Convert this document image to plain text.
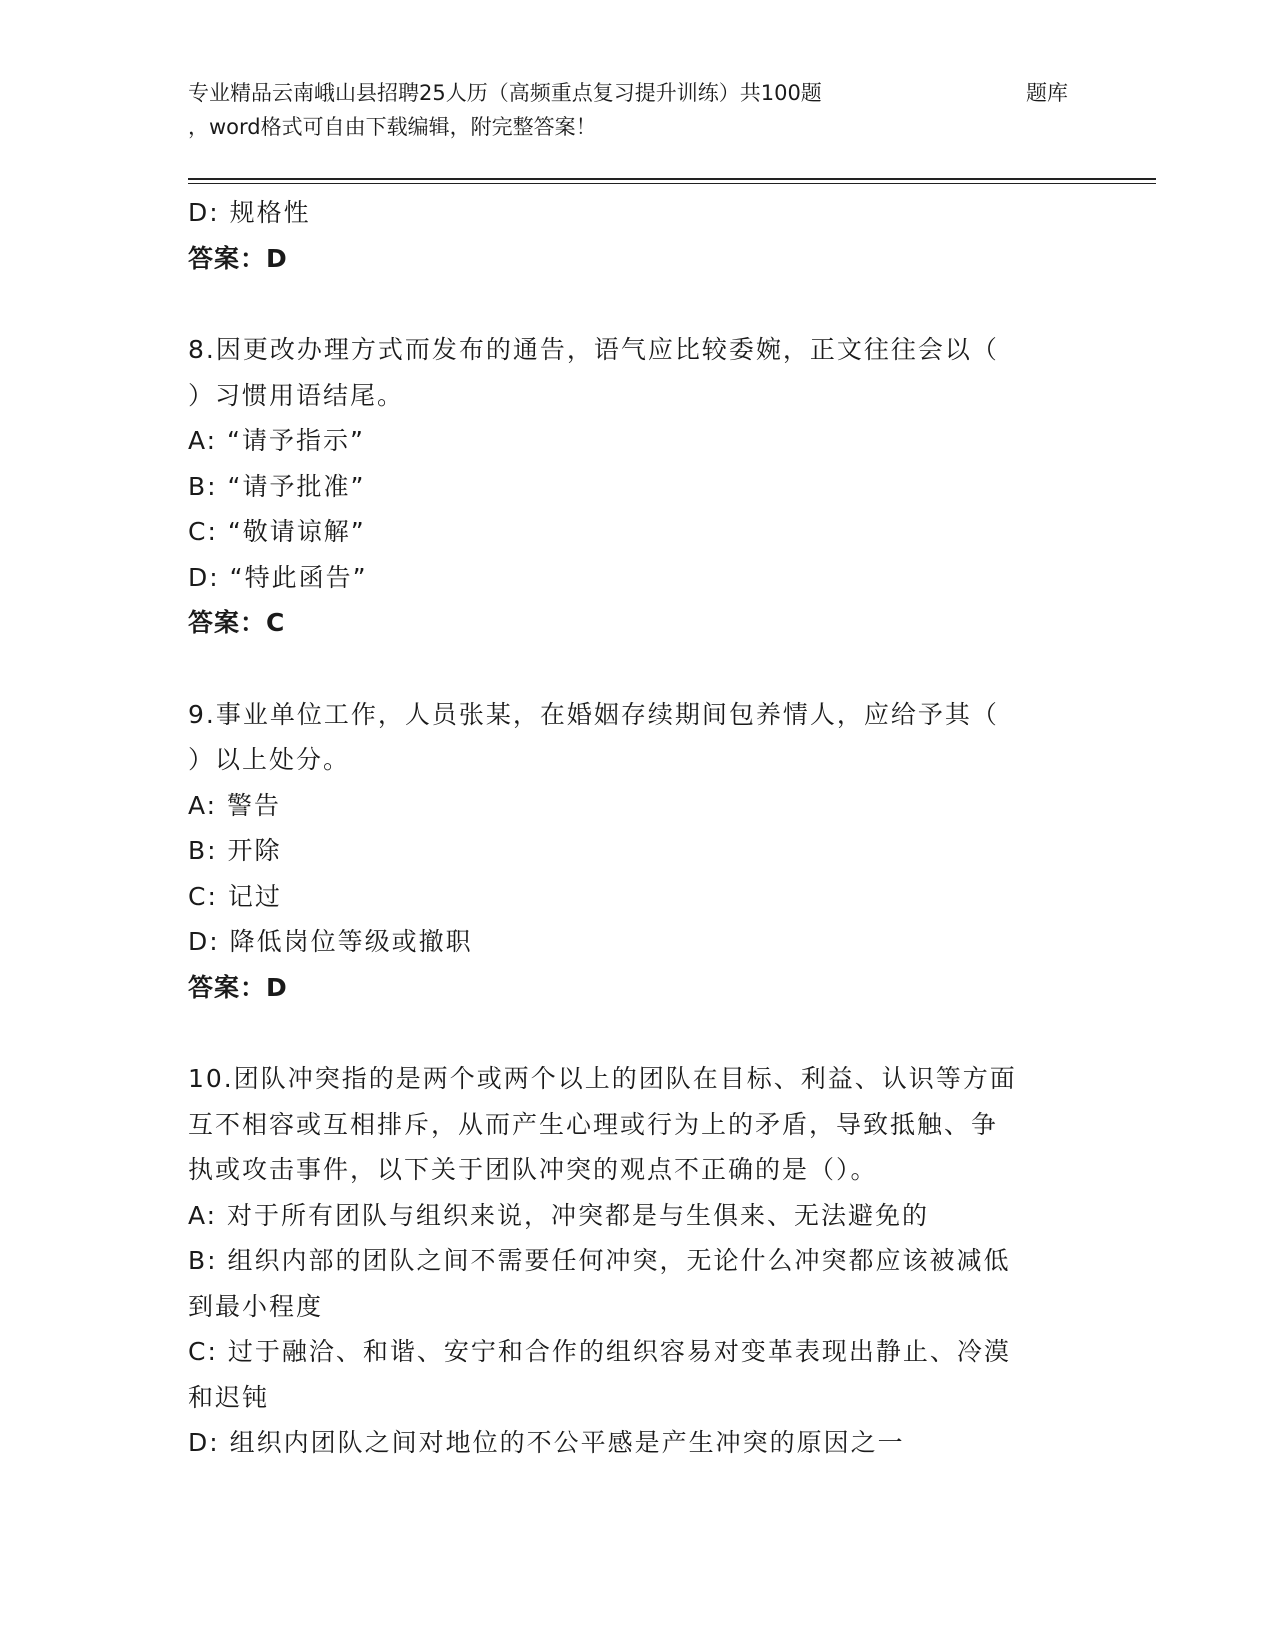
专业精品云南峨山县招聘25人历（高频重点复习提升训练）共100题	题库
，word格式可自由下载编辑，附完整答案！
D: 规格性
答案：D
8.因更改办理方式而发布的通告，语气应比较委婉，正文往往会以（
）习惯用语结尾。
A: “请予指示”
B: “请予批准”
C: “敬请谅解”
D: “特此函告”
答案：C
9.事业单位工作，人员张某，在婚姻存续期间包养情人，应给予其（
）以上处分。
A: 警告
B: 开除
C: 记过
D: 降低岗位等级或撤职
答案：D
10.团队冲突指的是两个或两个以上的团队在目标、利益、认识等方面
互不相容或互相排斥，从而产生心理或行为上的矛盾，导致抵触、争
执或攻击事件，以下关于团队冲突的观点不正确的是（）。
A: 对于所有团队与组织来说，冲突都是与生俱来、无法避免的
B: 组织内部的团队之间不需要任何冲突，无论什么冲突都应该被减低
到最小程度
C: 过于融洽、和谐、安宁和合作的组织容易对变革表现出静止、冷漠
和迟钝
D: 组织内团队之间对地位的不公平感是产生冲突的原因之一
